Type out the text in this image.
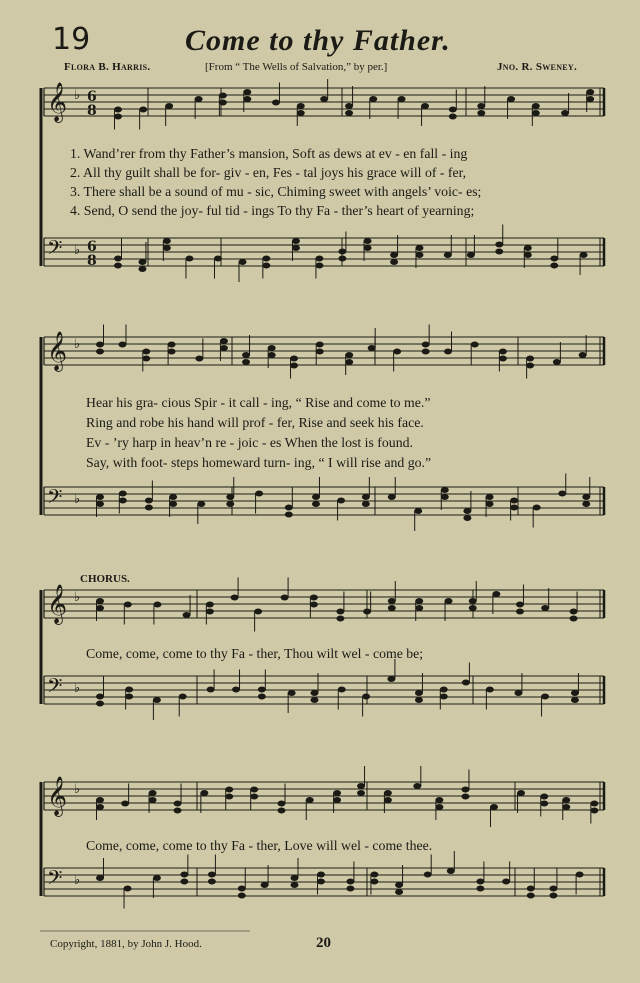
19	Come to thy Father.
Flora B. Harris.	[From “ The Wells of Salvation,” by per.]	Jno. R. Sweney.
𝄞 ♭ 6
8
𝄢 ♭ 6
8
𝄞 ♭
𝄢 ♭
𝄞 ♭
𝄢 ♭
𝄞 ♭
𝄢 ♭
1. Wand’rer from thy Father’s mansion, Soft as dews at ev - en fall - ing
2. All thy guilt shall be for- giv - en, Fes - tal joys his grace will of - fer,
3. There shall be a sound of mu - sic, Chiming sweet with angels’ voic- es;
4. Send, O send the joy- ful tid - ings To thy Fa - ther’s heart of yearning;
Hear his gra- cious Spir - it call - ing, “ Rise and come to me.”
Ring and robe his hand will prof - fer, Rise and seek his face.
Ev - ’ry harp in heav’n re - joic - es When the lost is found.
Say, with foot- steps homeward turn- ing, “ I will rise and go.”
CHORUS.
Come, come, come to thy Fa - ther, Thou wilt wel - come be;
Come, come, come to thy Fa - ther, Love will wel - come thee.
Copyright, 1881, by John J. Hood.	20
